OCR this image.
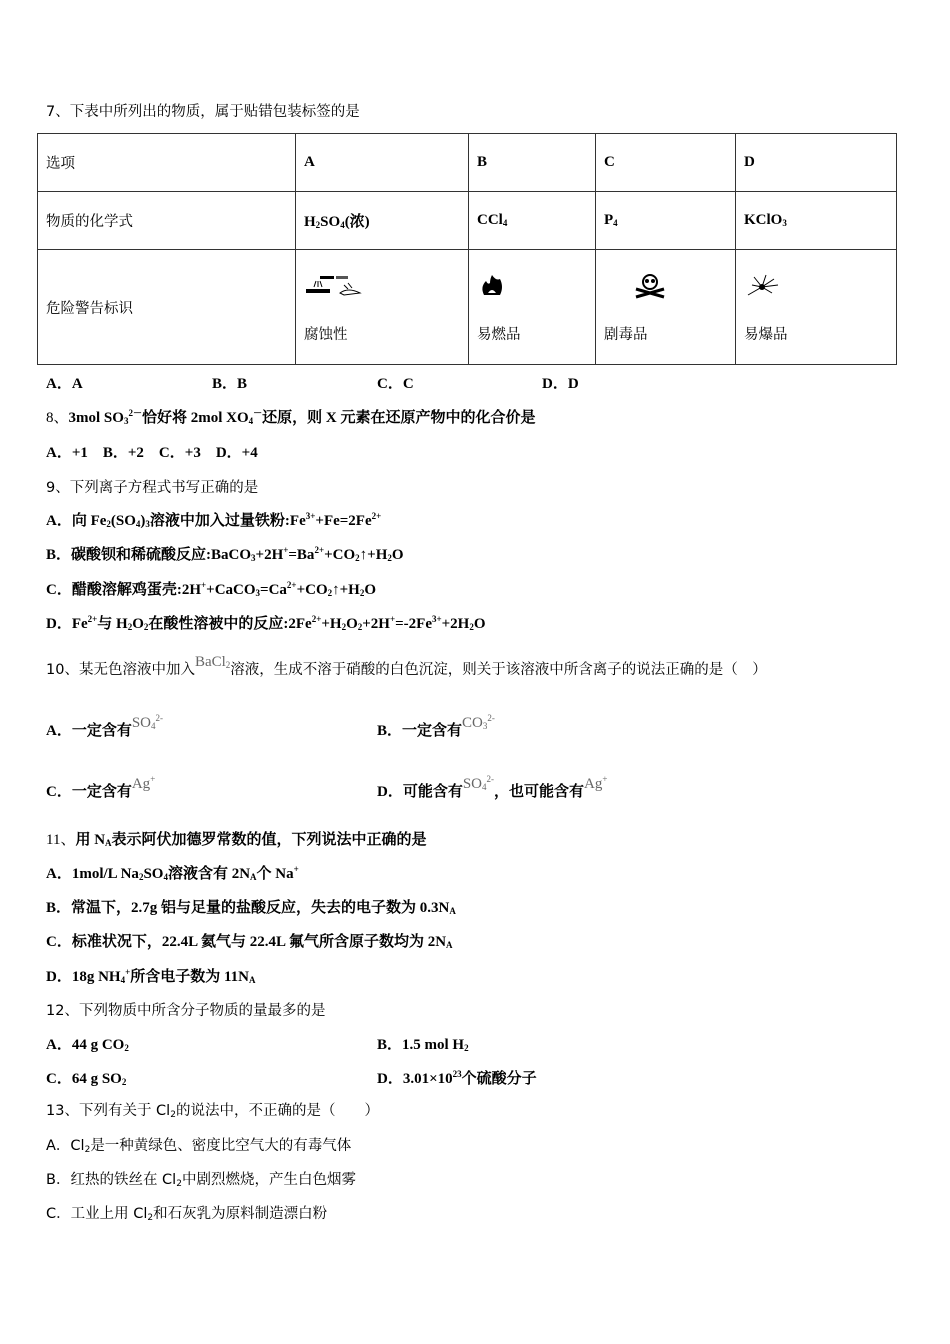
7、下表中所列出的物质，属于贴错包装标签的是
选项	A	B	C	D
物质的化学式	$H_2SO_4$(浓)	CCl$_4$	$P_4$	KClO$_3$
危险警告标识	腐蚀性	易燃品	剧毒品	易爆品
A．A	B．B	C．C	D．D
8、3mol $SO_3^{2-}$恰好将 2mol $XO_4^-$还原，则 X 元素在还原产物中的化合价是
A．+1　B．+2　C．+3　D．+4
9、下列离子方程式书写正确的是
A．向 $Fe_2(SO_4)_3$溶液中加入过量铁粉$:Fe^{3+}+Fe=2Fe^{2+}$
B．碳酸钡和稀硫酸反应$:BaCO_3+2H^+=Ba^{2+}+CO_2↑+H_2O$
C．醋酸溶解鸡蛋壳$:2H^++CaCO_3=Ca^{2+}+CO_2↑+H_2O$
D．$Fe^{2+}$与 $H_2O_2$在酸性溶被中的反应$:2Fe^{2+}+H_2O_2+2H^+=-2Fe^{3+}+2H_2O$
10、某无色溶液中加入BaCl$_2$溶液，生成不溶于硝酸的白色沉淀，则关于该溶液中所含离子的说法正确的是（　）
A．一定含有$SO_4^{2-}$
B．一定含有$CO_3^{2-}$
C．一定含有Ag+
D．可能含有$SO_4^{2-}$，也可能含有Ag+
11、用 $N_A$表示阿伏加德罗常数的值，下列说法中正确的是
A．1mol/L $Na_2SO_4$溶液含有 $2N_A$个 Na+
B．常温下，2.7g 铝与足量的盐酸反应，失去的电子数为 $0.3N_A$
C．标准状况下，22.4L 氦气与 22.4L 氟气所含原子数均为 $2N_A$
D．18g $NH_4^+$所含电子数为 $11N_A$
12、下列物质中所含分子物质的量最多的是
A．44 g $CO_2$	B．1.5 mol $H_2$
C．64 g $SO_2$	D．$3.01\times 10^{23}$个硫酸分子
13、下列有关于 $Cl_2$的说法中，不正确的是（　　）
A．$Cl_2$是一种黄绿色、密度比空气大的有毒气体
B．红热的铁丝在 $Cl_2$中剧烈燃烧，产生白色烟雾
C．工业上用 $Cl_2$和石灰乳为原料制造漂白粉
